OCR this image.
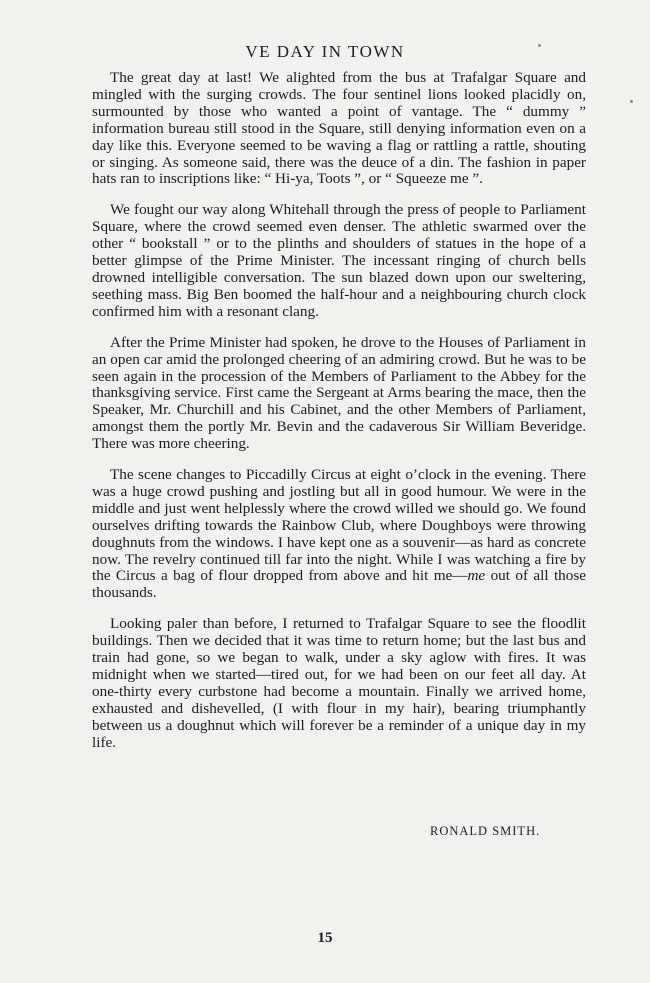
VE DAY IN TOWN

The great day at last! We alighted from the bus at Trafalgar Square and mingled with the surging crowds. The four sentinel lions looked placidly on, surmounted by those who wanted a point of vantage. The “ dummy ” information bureau still stood in the Square, still denying information even on a day like this. Everyone seemed to be waving a flag or rattling a rattle, shouting or singing. As someone said, there was the deuce of a din. The fashion in paper hats ran to inscriptions like: “ Hi-ya, Toots ”, or “ Squeeze me ”.

We fought our way along Whitehall through the press of people to Parliament Square, where the crowd seemed even denser. The athletic swarmed over the other “ bookstall ” or to the plinths and shoulders of statues in the hope of a better glimpse of the Prime Minister. The incessant ringing of church bells drowned intelligible conversation. The sun blazed down upon our sweltering, seething mass. Big Ben boomed the half-hour and a neighbouring church clock confirmed him with a resonant clang.

After the Prime Minister had spoken, he drove to the Houses of Parliament in an open car amid the prolonged cheering of an admiring crowd. But he was to be seen again in the procession of the Members of Parliament to the Abbey for the thanksgiving service. First came the Sergeant at Arms bearing the mace, then the Speaker, Mr. Churchill and his Cabinet, and the other Members of Parliament, amongst them the portly Mr. Bevin and the cadaverous Sir William Beveridge. There was more cheering.

The scene changes to Piccadilly Circus at eight o’clock in the evening. There was a huge crowd pushing and jostling but all in good humour. We were in the middle and just went helplessly where the crowd willed we should go. We found ourselves drifting towards the Rainbow Club, where Doughboys were throwing doughnuts from the windows. I have kept one as a souvenir—as hard as concrete now. The revelry continued till far into the night. While I was watching a fire by the Circus a bag of flour dropped from above and hit me—me out of all those thousands.

Looking paler than before, I returned to Trafalgar Square to see the floodlit buildings. Then we decided that it was time to return home; but the last bus and train had gone, so we began to walk, under a sky aglow with fires. It was midnight when we started—tired out, for we had been on our feet all day. At one-thirty every curbstone had become a mountain. Finally we arrived home, exhausted and dishevelled, (I with flour in my hair), bearing triumphantly between us a doughnut which will forever be a reminder of a unique day in my life.

RONALD SMITH.

15
